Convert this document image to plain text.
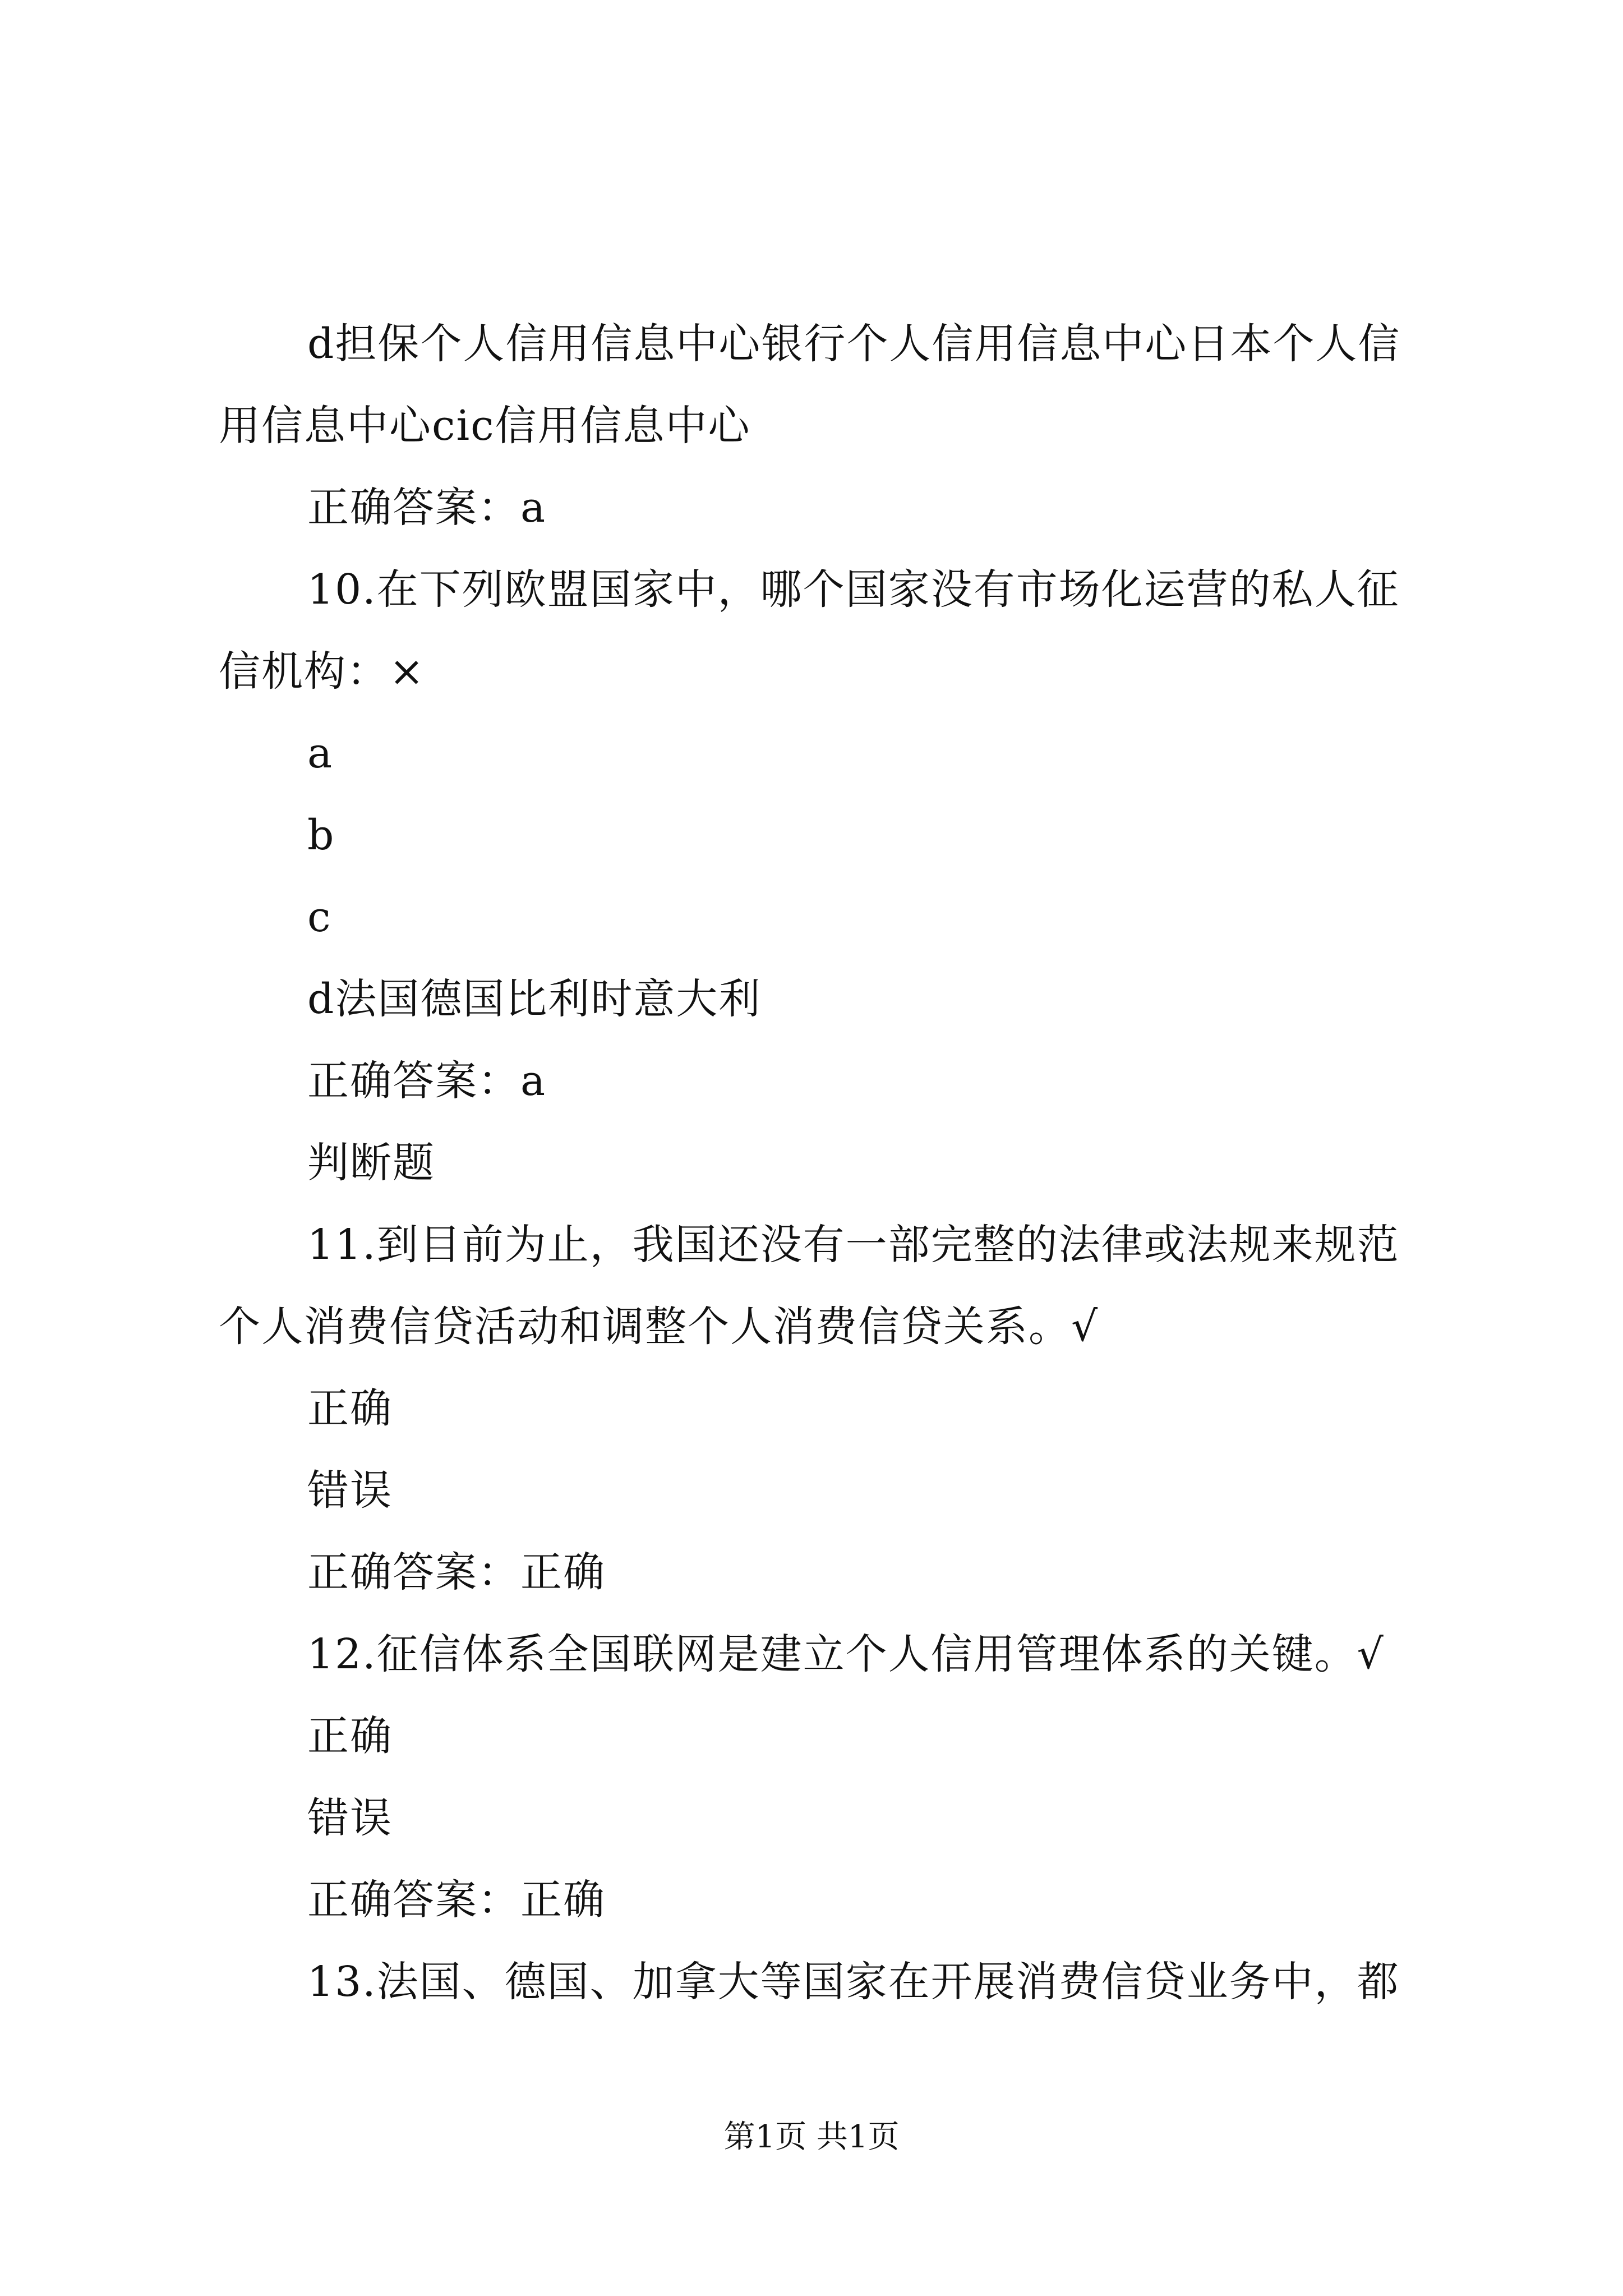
d担保个人信用信息中心银行个人信用信息中心日本个人信
用信息中心cic信用信息中心
正确答案：a
10.在下列欧盟国家中，哪个国家没有市场化运营的私人征
信机构：×
a
b
c
d法国德国比利时意大利
正确答案：a
判断题
11.到目前为止，我国还没有一部完整的法律或法规来规范
个人消费信贷活动和调整个人消费信贷关系。√
正确
错误
正确答案：正确
12.征信体系全国联网是建立个人信用管理体系的关键。√
正确
错误
正确答案：正确
13.法国、德国、加拿大等国家在开展消费信贷业务中，都
第1页 共1页
